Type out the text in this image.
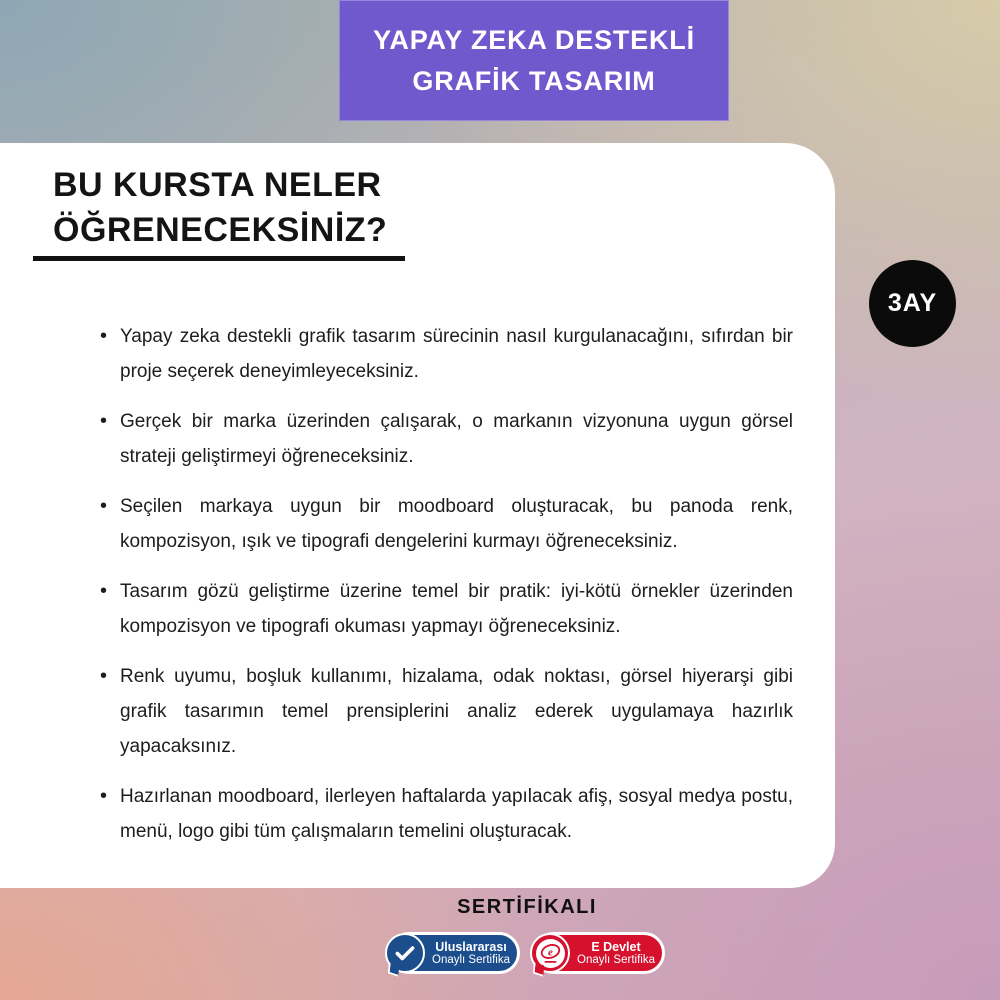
YAPAY ZEKA DESTEKLİ
GRAFİK TASARIM
BU KURSTA NELER
ÖĞRENECEKSİNİZ?
• Yapay zeka destekli grafik tasarım sürecinin nasıl kurgulanacağını, sıfırdan bir proje seçerek deneyimleyeceksiniz.
• Gerçek bir marka üzerinden çalışarak, o markanın vizyonuna uygun görsel strateji geliştirmeyi öğreneceksiniz.
• Seçilen markaya uygun bir moodboard oluşturacak, bu panoda renk, kompozisyon, ışık ve tipografi dengelerini kurmayı öğreneceksiniz.
• Tasarım gözü geliştirme üzerine temel bir pratik: iyi-kötü örnekler üzerinden kompozisyon ve tipografi okuması yapmayı öğreneceksiniz.
• Renk uyumu, boşluk kullanımı, hizalama, odak noktası, görsel hiyerarşi gibi grafik tasarımın temel prensiplerini analiz ederek uygulamaya hazırlık yapacaksınız.
• Hazırlanan moodboard, ilerleyen haftalarda yapılacak afiş, sosyal medya postu, menü, logo gibi tüm çalışmaların temelini oluşturacak.
3AY
SERTİFİKALI
Uluslararası
Onaylı Sertifika
e	E Devlet
Onaylı Sertifika
